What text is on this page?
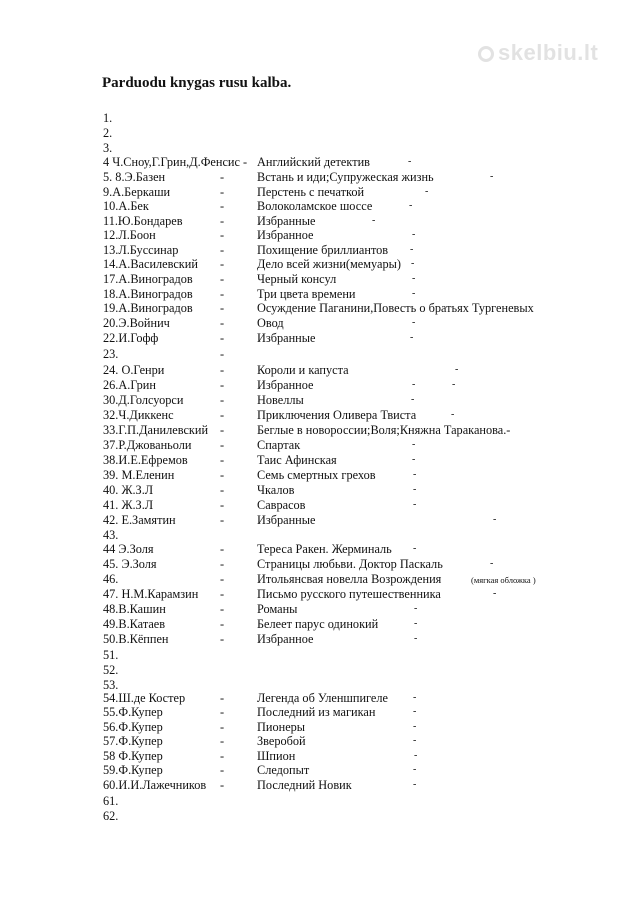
skelbiu.lt
Parduodu knygas rusu kalba.
1.
2.
3.
4 Ч.Сноу,Г.Грин,Д.Фенсис - Английский детектив	-
5. 8.Э.Базен	-	Встань и иди;Супружеская жизнь	-
9.А.Беркаши	-	Перстень с печаткой	-
10.А.Бек	-	Волоколамское шоссе	-
11.Ю.Бондарев	-	Избранные	-
12.Л.Боон	-	Избранное	-
13.Л.Буссинар	-	Похищение бриллиантов -
14.А.Василевский -	Дело всей жизни(мемуары) -
17.А.Виноградов -	Черный консул	-
18.А.Виноградов -	Три цвета времени	-
19.А.Виноградов -	Осуждение Паганини,Повесть о братьях Тургеневых
20.Э.Войнич	-	Овод	-
22.И.Гофф	-	Избранные	-
23.	-
24. О.Генри	-	Короли и капуста	-
26.А.Грин	-	Избранное	-	-
30.Д.Голсуорси	-	Новеллы	-
32.Ч.Диккенс	-	Приключения Оливера Твиста	-
33.Г.П.Данилевский -	Беглые в новороссии;Воля;Княжна Тараканова.-
37.Р.Джованьоли -	Спартак	-
38.И.Е.Ефремов	-	Таис Афинская	-
39. М.Еленин	-	Семь смертных грехов	-
40. Ж.З.Л	-	Чкалов	-
41. Ж.З.Л	-	Саврасов	-
42. Е.Замятин	-	Избранные	-
43.
44 Э.Золя	-	Тереса Ракен. Жерминаль -
45. Э.Золя	-	Страницы любьви. Доктор Паскаль	-
46.	-	Итольянсвая новелла Возрождения	(мягкая обложка )
47. Н.М.Карамзин -	Письмо русского путешественника	-
48.В.Кашин	-	Романы	-
49.В.Катаев	-	Белеет парус одинокий	-
50.В.Кёппен	-	Избранное	-
51.
52.
53.
54.Ш.де Костер	-	Легенда об Уленшпигеле	-
55.Ф.Купер	-	Последний из магикан	-
56.Ф.Купер	-	Пионеры	-
57.Ф.Купер	-	Зверобой	-
58 Ф.Купер	-	Шпион	-
59.Ф.Купер	-	Следопыт	-
60.И.И.Лажечников -	Последний Новик	-
61.
62.
